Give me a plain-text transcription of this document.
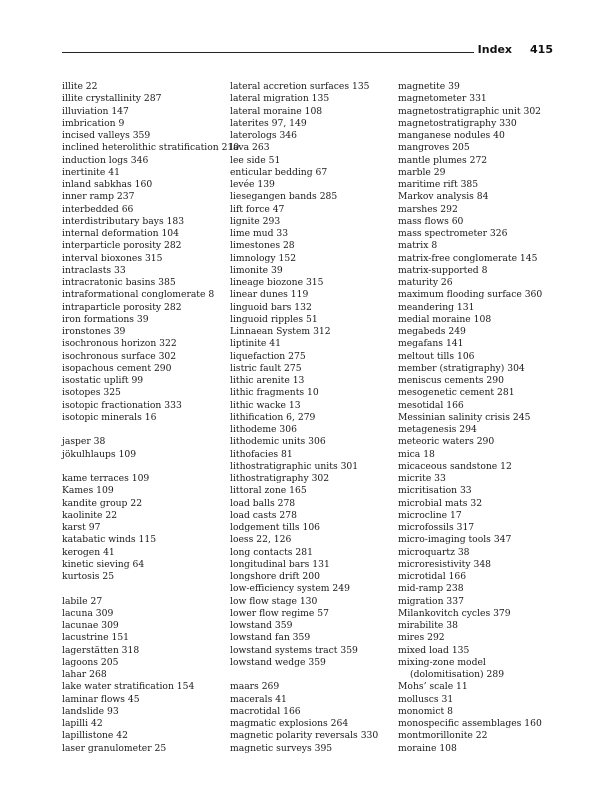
Index 415
illite 22
illite crystallinity 287
illuviation 147
imbrication 9
incised valleys 359
inclined heterolithic stratification 210
induction logs 346
inertinite 41
inland sabkhas 160
inner ramp 237
interbedded 66
interdistributary bays 183
internal deformation 104
interparticle porosity 282
interval bioxones 315
intraclasts 33
intracratonic basins 385
intraformational conglomerate 8
intraparticle porosity 282
iron formations 39
ironstones 39
isochronous horizon 322
isochronous surface 302
isopachous cement 290
isostatic uplift 99
isotopes 325
isotopic fractionation 333
isotopic minerals 16
jasper 38
jökulhlaups 109
kame terraces 109
Kames 109
kandite group 22
kaolinite 22
karst 97
katabatic winds 115
kerogen 41
kinetic sieving 64
kurtosis 25
labile 27
lacuna 309
lacunae 309
lacustrine 151
lagerstätten 318
lagoons 205
lahar 268
lake water stratification 154
laminar flows 45
landslide 93
lapilli 42
lapillistone 42
laser granulometer 25
lateral accretion surfaces 135
lateral migration 135
lateral moraine 108
laterites 97, 149
laterologs 346
lava 263
lee side 51
enticular bedding 67
levée 139
liesegangen bands 285
lift force 47
lignite 293
lime mud 33
limestones 28
limnology 152
limonite 39
lineage biozone 315
linear dunes 119
linguoid bars 132
linguoid ripples 51
Linnaean System 312
liptinite 41
liquefaction 275
listric fault 275
lithic arenite 13
lithic fragments 10
lithic wacke 13
lithification 6, 279
lithodeme 306
lithodemic units 306
lithofacies 81
lithostratigraphic units 301
lithostratigraphy 302
littoral zone 165
load balls 278
load casts 278
lodgement tills 106
loess 22, 126
long contacts 281
longitudinal bars 131
longshore drift 200
low-efficiency system 249
low flow stage 130
lower flow regime 57
lowstand 359
lowstand fan 359
lowstand systems tract 359
lowstand wedge 359
maars 269
macerals 41
macrotidal 166
magmatic explosions 264
magnetic polarity reversals 330
magnetic surveys 395
magnetite 39
magnetometer 331
magnetostratigraphic unit 302
magnetostratigraphy 330
manganese nodules 40
mangroves 205
mantle plumes 272
marble 29
maritime rift 385
Markov analysis 84
marshes 292
mass flows 60
mass spectrometer 326
matrix 8
matrix-free conglomerate 145
matrix-supported 8
maturity 26
maximum flooding surface 360
meandering 131
medial moraine 108
megabeds 249
megafans 141
meltout tills 106
member (stratigraphy) 304
meniscus cements 290
mesogenetic cement 281
mesotidal 166
Messinian salinity crisis 245
metagenesis 294
meteoric waters 290
mica 18
micaceous sandstone 12
micrite 33
micritisation 33
microbial mats 32
microcline 17
microfossils 317
micro-imaging tools 347
microquartz 38
microresistivity 348
microtidal 166
mid-ramp 238
migration 337
Milankovitch cycles 379
mirabilite 38
mires 292
mixed load 135
mixing-zone model
(dolomitisation) 289
Mohs’ scale 11
molluscs 31
monomict 8
monospecific assemblages 160
montmorillonite 22
moraine 108
